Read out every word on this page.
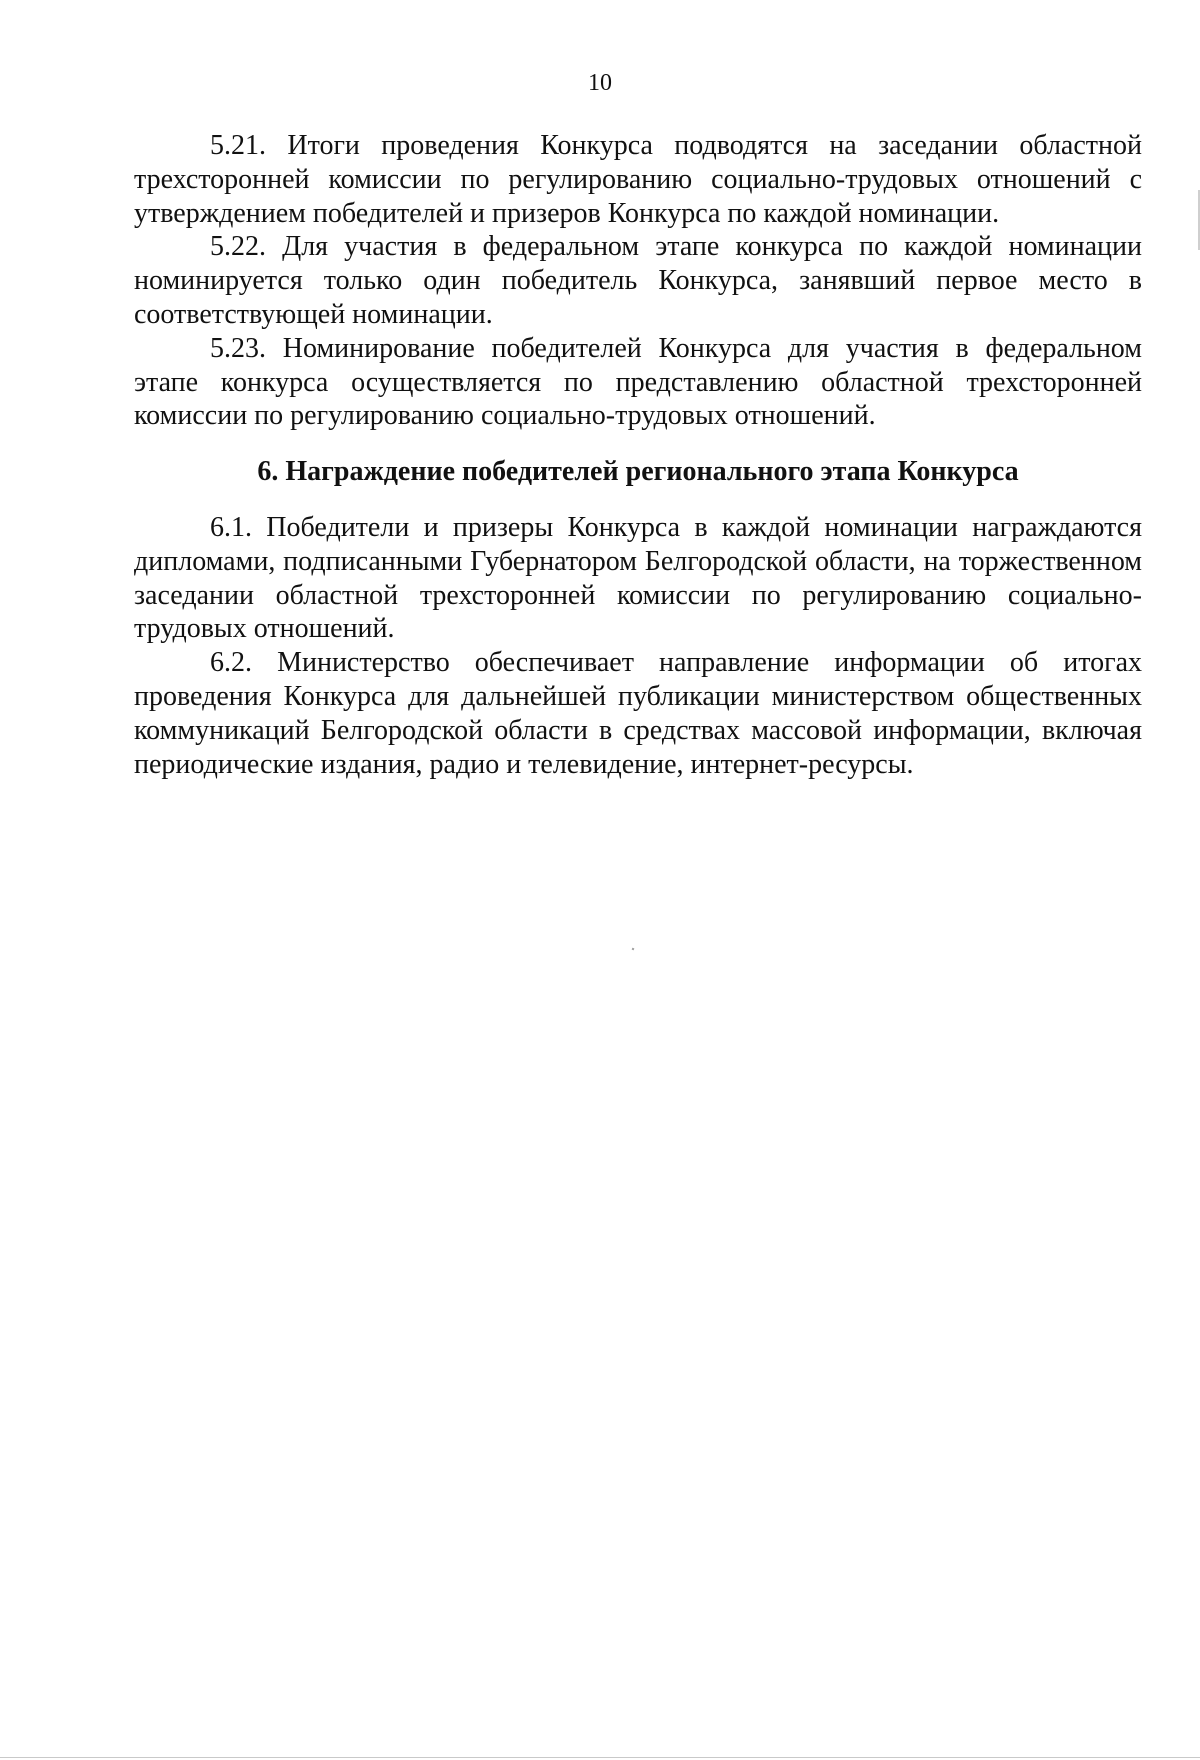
10

5.21. Итоги проведения Конкурса подводятся на заседании областной трехсторонней комиссии по регулированию социально-трудовых отношений с утверждением победителей и призеров Конкурса по каждой номинации.

5.22. Для участия в федеральном этапе конкурса по каждой номинации номинируется только один победитель Конкурса, занявший первое место в соответствующей номинации.

5.23. Номинирование победителей Конкурса для участия в федеральном этапе конкурса осуществляется по представлению областной трехсторонней комиссии по регулированию социально-трудовых отношений.

6. Награждение победителей регионального этапа Конкурса

6.1. Победители и призеры Конкурса в каждой номинации награждаются дипломами, подписанными Губернатором Белгородской области, на торжественном заседании областной трехсторонней комиссии по регулированию социально-трудовых отношений.

6.2. Министерство обеспечивает направление информации об итогах проведения Конкурса для дальнейшей публикации министерством общественных коммуникаций Белгородской области в средствах массовой информации, включая периодические издания, радио и телевидение, интернет-ресурсы.
